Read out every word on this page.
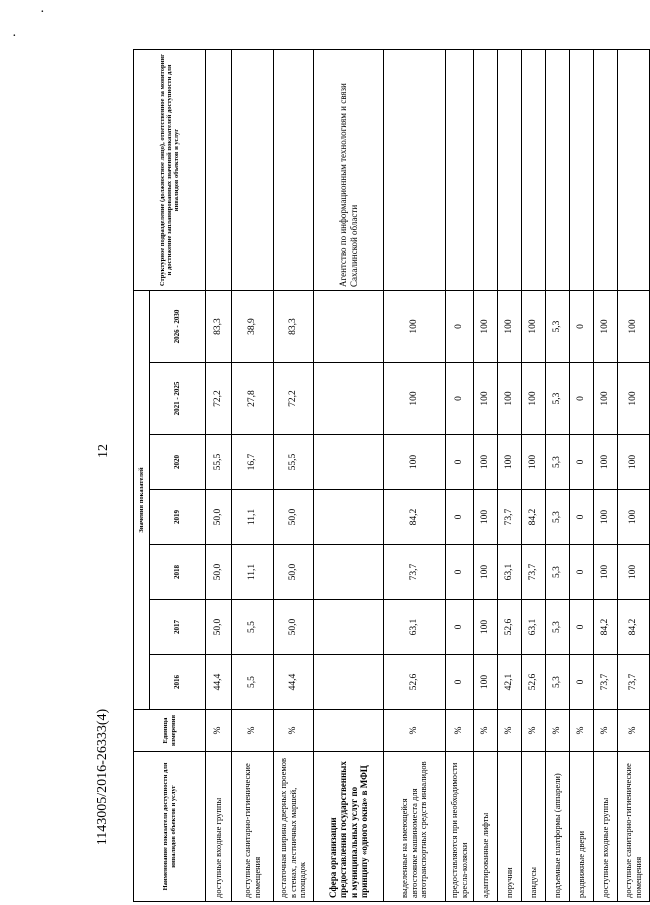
·
·
12
Наименование показателя доступности для инвалидов объектов и услуг	Единица измерения	Значения показателей							Структурное подразделение (должностное лицо), ответственное за мониторинг и достижение запланированных значений показателей доступности для инвалидов объектов и услуг
		2016	2017	2018	2019	2020	2021 - 2025	2026 - 2030	
доступные входные группы	%	44,4	50,0	50,0	50,0	55,5	72,2	83,3	
доступные санитарно-гигиенические помещения	%	5,5	5,5	11,1	11,1	16,7	27,8	38,9	
достаточная ширина дверных проемов в стенах, лестничных маршей, площадок	%	44,4	50,0	50,0	50,0	55,5	72,2	83,3	
Сфера организации предоставления государственных и муниципальных услуг по принципу «одного окна» в МФЦ									Агентство по информационным технологиям и связи Сахалинской области
выделенные на имеющейся автостоянке машиноместа для автотранспортных средств инвалидов	%	52,6	63,1	73,7	84,2	100	100	100	
предоставляются при необходимости кресла-коляски	%	0	0	0	0	0	0	0	
адаптированные лифты	%	100	100	100	100	100	100	100	
поручни	%	42,1	52,6	63,1	73,7	100	100	100	
пандусы	%	52,6	63,1	73,7	84,2	100	100	100	
подъемные платформы (аппарели)	%	5,3	5,3	5,3	5,3	5,3	5,3	5,3	
раздвижные двери	%	0	0	0	0	0	0	0	
доступные входные группы	%	73,7	84,2	100	100	100	100	100	
доступные санитарно-гигиенические помещения	%	73,7	84,2	100	100	100	100	100	
1143005/2016-26333(4)
